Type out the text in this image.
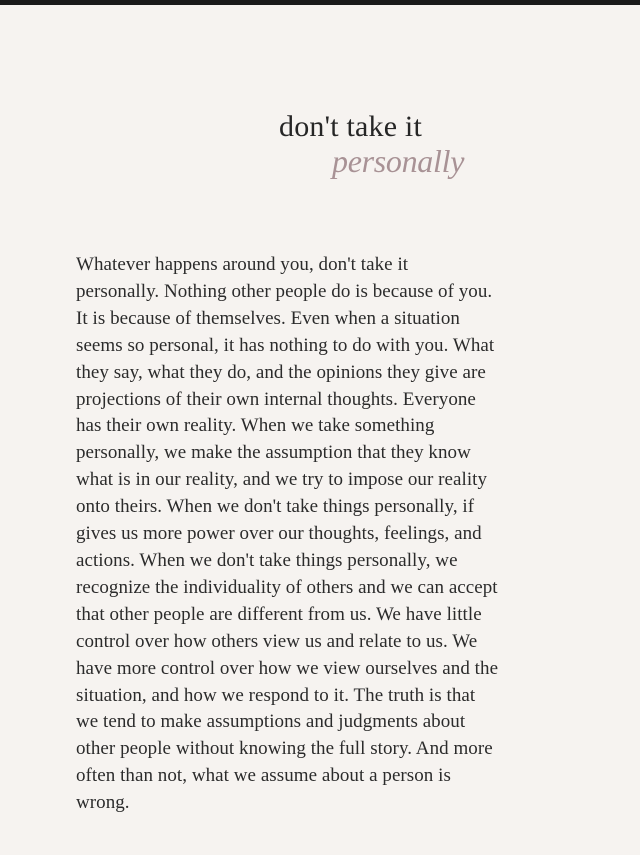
don't take it
personally
Whatever happens around you, don't take it
personally. Nothing other people do is because of you.
It is because of themselves. Even when a situation
seems so personal, it has nothing to do with you. What
they say, what they do, and the opinions they give are
projections of their own internal thoughts. Everyone
has their own reality. When we take something
personally, we make the assumption that they know
what is in our reality, and we try to impose our reality
onto theirs. When we don't take things personally, if
gives us more power over our thoughts, feelings, and
actions. When we don't take things personally, we
recognize the individuality of others and we can accept
that other people are different from us. We have little
control over how others view us and relate to us. We
have more control over how we view ourselves and the
situation, and how we respond to it. The truth is that
we tend to make assumptions and judgments about
other people without knowing the full story. And more
often than not, what we assume about a person is
wrong.
